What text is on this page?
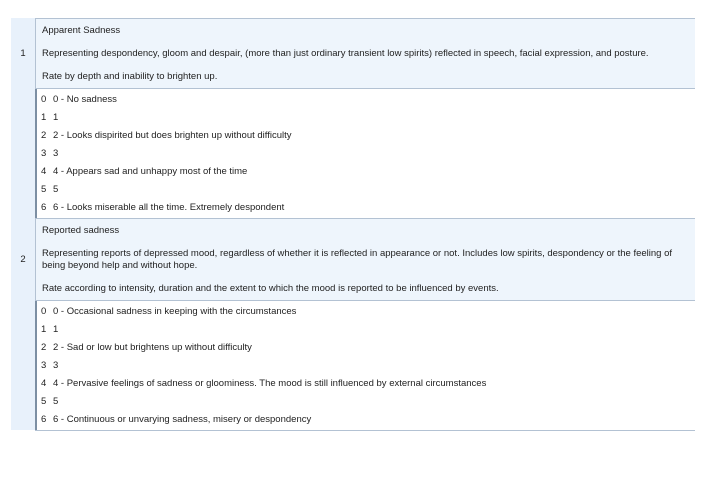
1

Apparent Sadness

Representing despondency, gloom and despair, (more than just ordinary transient low spirits) reflected in speech, facial expression, and posture.

Rate by depth and inability to brighten up.

0 0 - No sadness
1 1
2 2 - Looks dispirited but does brighten up without difficulty
3 3
4 4 - Appears sad and unhappy most of the time
5 5
6 6 - Looks miserable all the time. Extremely despondent
2

Reported sadness

Representing reports of depressed mood, regardless of whether it is reflected in appearance or not. Includes low spirits, despondency or the feeling of being beyond help and without hope.

Rate according to intensity, duration and the extent to which the mood is reported to be influenced by events.

0 0 - Occasional sadness in keeping with the circumstances
1 1
2 2 - Sad or low but brightens up without difficulty
3 3
4 4 - Pervasive feelings of sadness or gloominess. The mood is still influenced by external circumstances
5 5
6 6 - Continuous or unvarying sadness, misery or despondency
